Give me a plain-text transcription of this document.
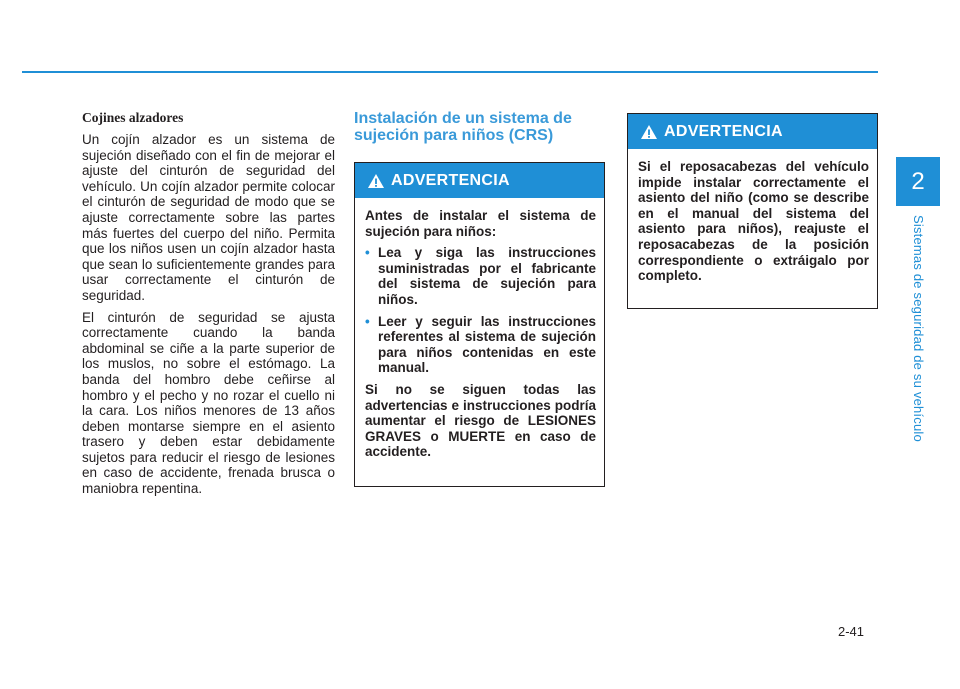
2
Sistemas de seguridad de su vehículo
Cojines alzadores

Un cojín alzador es un sistema de sujeción diseñado con el fin de mejorar el ajuste del cinturón de seguridad del vehículo. Un cojín alzador permite colocar el cinturón de seguridad de modo que se ajuste correctamente sobre las partes más fuertes del cuerpo del niño. Permita que los niños usen un cojín alzador hasta que sean lo suficientemente grandes para usar correctamente el cinturón de seguridad.

El cinturón de seguridad se ajusta correctamente cuando la banda abdominal se ciñe a la parte superior de los muslos, no sobre el estómago. La banda del hombro debe ceñirse al hombro y el pecho y no rozar el cuello ni la cara. Los niños menores de 13 años deben montarse siempre en el asiento trasero y deben estar debidamente sujetos para reducir el riesgo de lesiones en caso de accidente, frenada brusca o maniobra repentina.

Instalación de un sistema de sujeción para niños (CRS)
ADVERTENCIA

Antes de instalar el sistema de sujeción para niños:

• Lea y siga las instrucciones suministradas por el fabricante del sistema de sujeción para niños.
• Leer y seguir las instrucciones referentes al sistema de sujeción para niños contenidas en este manual.

Si no se siguen todas las advertencias e instrucciones podría aumentar el riesgo de LESIONES GRAVES o MUERTE en caso de accidente.

ADVERTENCIA

Si el reposacabezas del vehículo impide instalar correctamente el asiento del niño (como se describe en el manual del sistema del asiento para niños), reajuste el reposacabezas de la posición correspondiente o extráigalo por completo.

2-41
